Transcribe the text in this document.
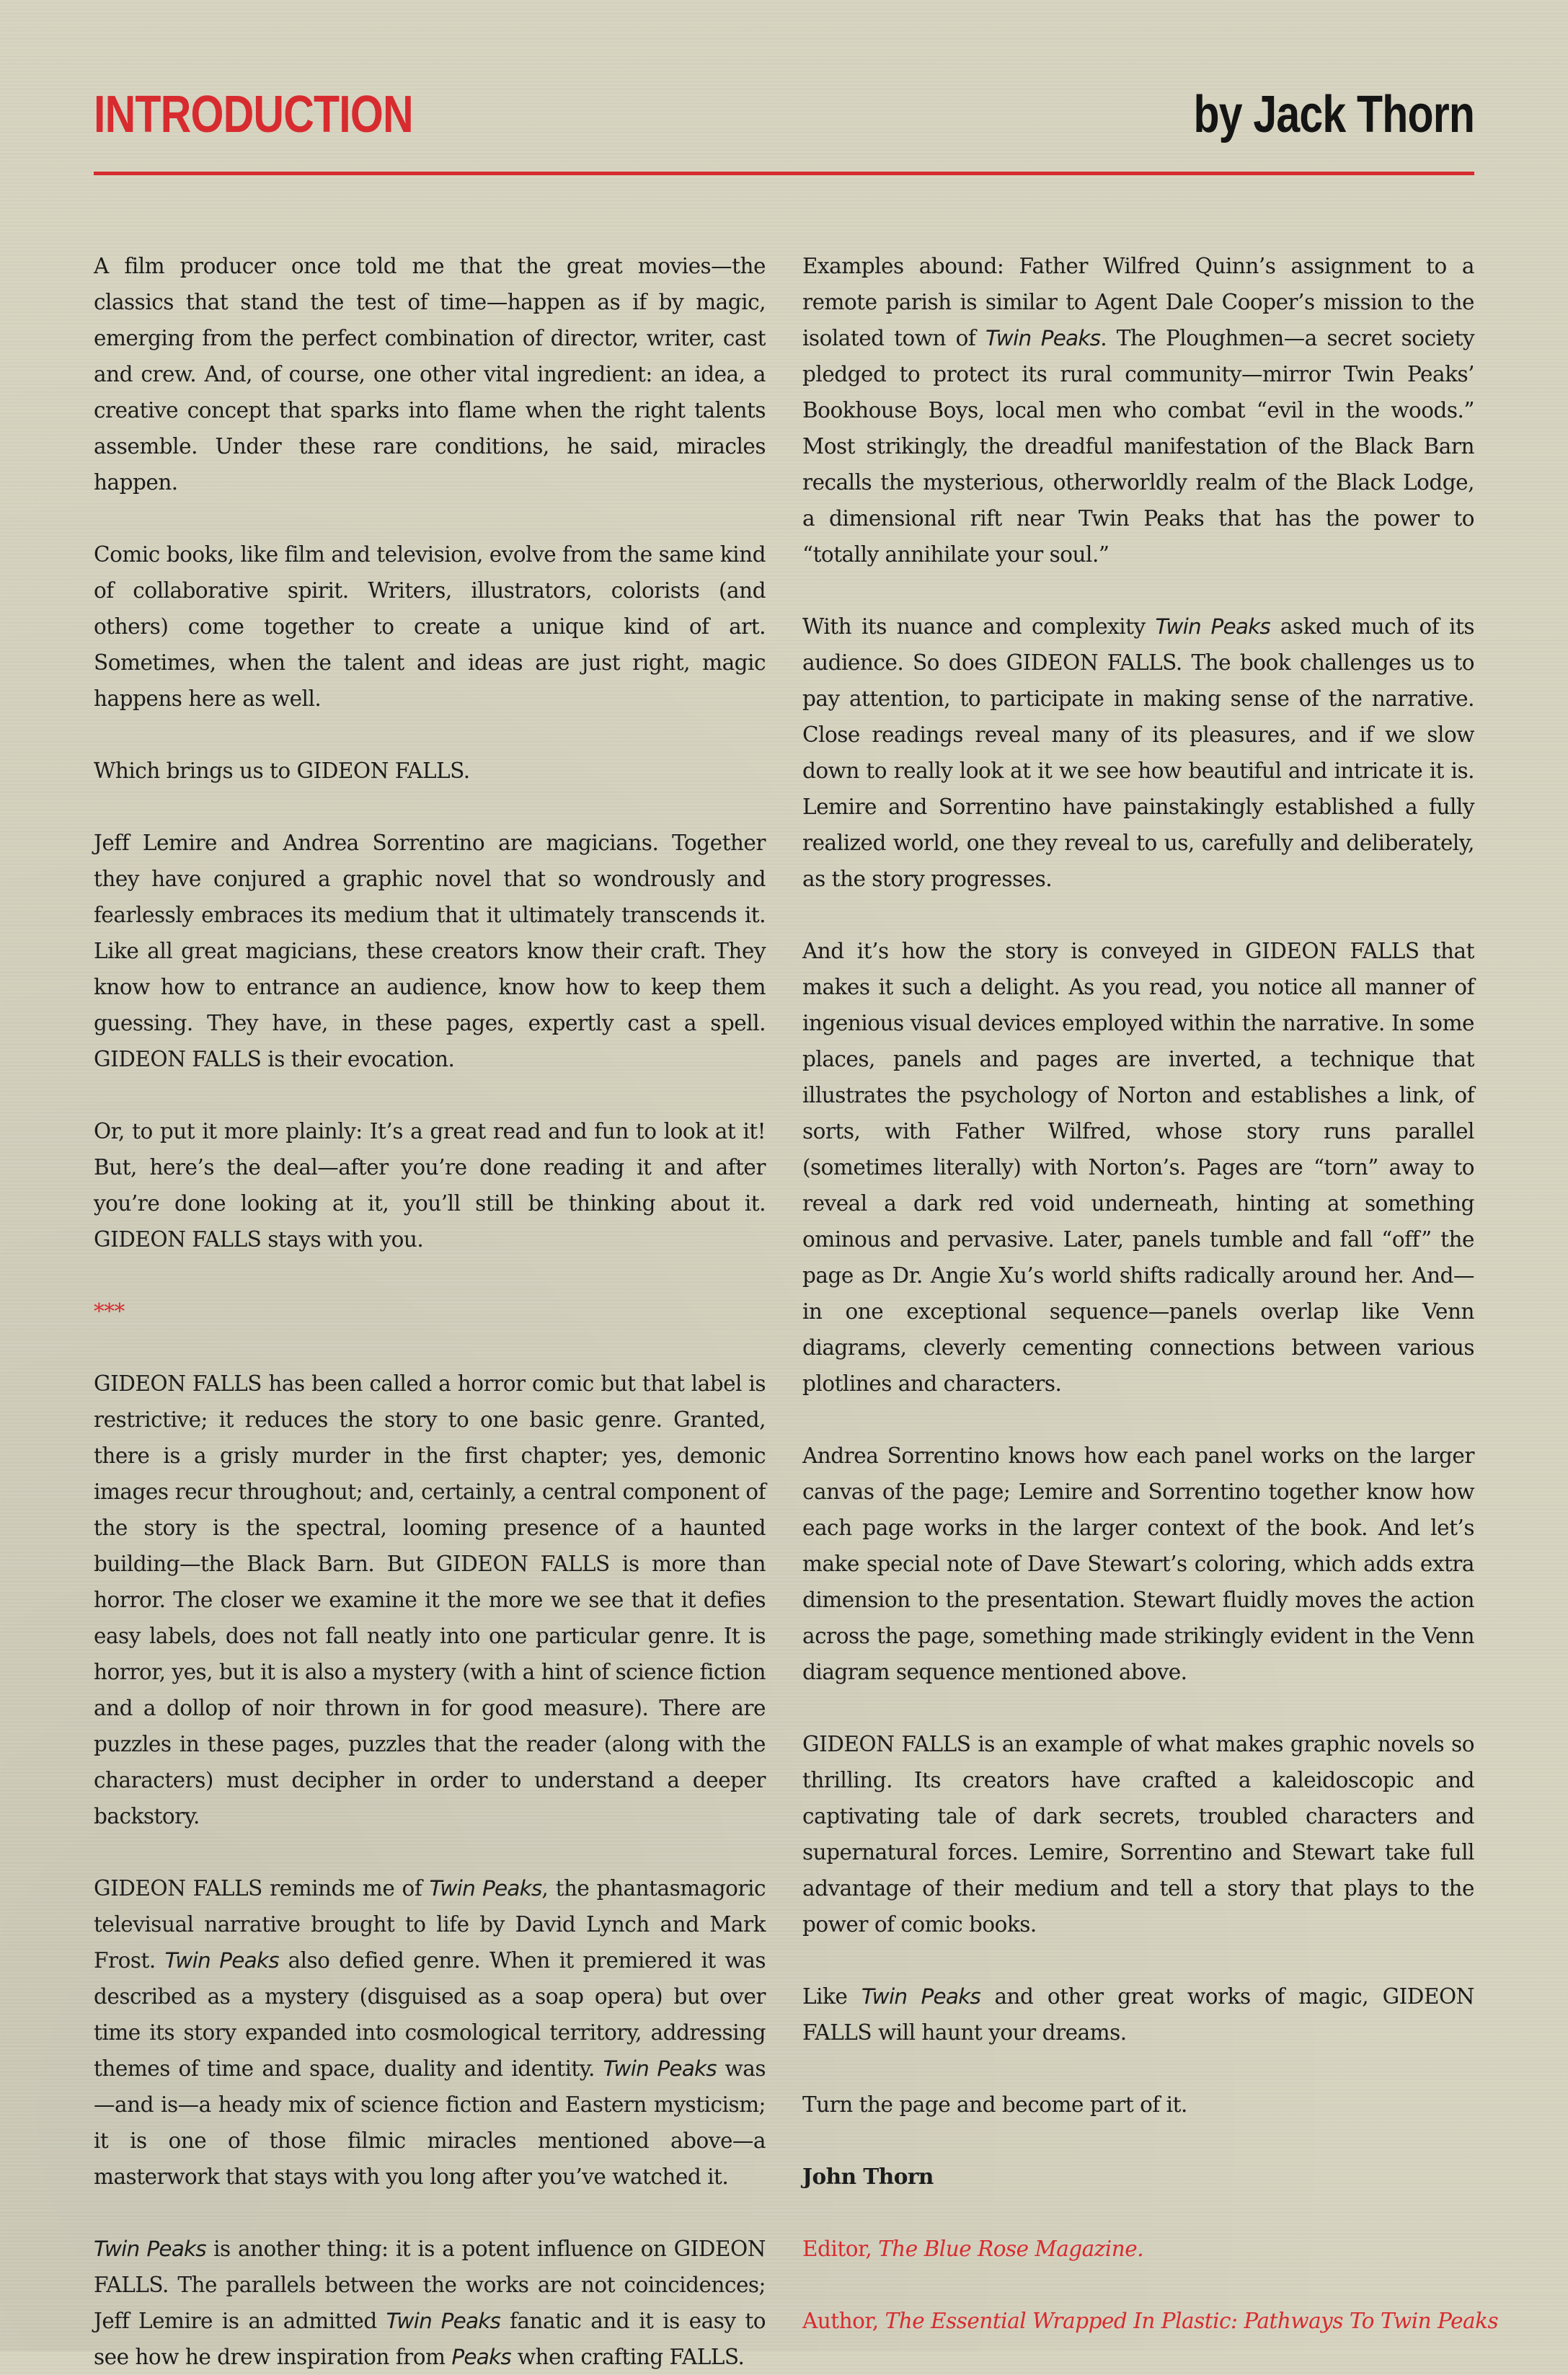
INTRODUCTION	by Jack Thorn

A film producer once told me that the great movies—the classics that stand the test of time—happen as if by magic, emerging from the perfect combination of director, writer, cast and crew. And, of course, one other vital ingredient: an idea, a creative concept that sparks into flame when the right talents assemble. Under these rare conditions, he said, miracles happen.

Comic books, like film and television, evolve from the same kind of collaborative spirit. Writers, illustrators, colorists (and others) come together to create a unique kind of art. Sometimes, when the talent and ideas are just right, magic happens here as well.

Which brings us to GIDEON FALLS.

Jeff Lemire and Andrea Sorrentino are magicians. Together they have conjured a graphic novel that so wondrously and fearlessly embraces its medium that it ultimately transcends it. Like all great magicians, these creators know their craft. They know how to entrance an audience, know how to keep them guessing. They have, in these pages, expertly cast a spell. GIDEON FALLS is their evocation.

Or, to put it more plainly: It’s a great read and fun to look at it! But, here’s the deal—after you’re done reading it and after you’re done looking at it, you’ll still be thinking about it. GIDEON FALLS stays with you.

***

GIDEON FALLS has been called a horror comic but that label is restrictive; it reduces the story to one basic genre. Granted, there is a grisly murder in the first chapter; yes, demonic images recur throughout; and, certainly, a central component of the story is the spectral, looming presence of a haunted building—the Black Barn. But GIDEON FALLS is more than horror. The closer we examine it the more we see that it defies easy labels, does not fall neatly into one particular genre. It is horror, yes, but it is also a mystery (with a hint of science fiction and a dollop of noir thrown in for good measure). There are puzzles in these pages, puzzles that the reader (along with the characters) must decipher in order to understand a deeper backstory.

GIDEON FALLS reminds me of Twin Peaks, the phantasmagoric televisual narrative brought to life by David Lynch and Mark Frost. Twin Peaks also defied genre. When it premiered it was described as a mystery (disguised as a soap opera) but over time its story expanded into cosmological territory, addressing themes of time and space, duality and identity. Twin Peaks was—and is—a heady mix of science fiction and Eastern mysticism; it is one of those filmic miracles mentioned above—a masterwork that stays with you long after you’ve watched it.

Twin Peaks is another thing: it is a potent influence on GIDEON FALLS. The parallels between the works are not coincidences; Jeff Lemire is an admitted Twin Peaks fanatic and it is easy to see how he drew inspiration from Peaks when crafting FALLS.

Examples abound: Father Wilfred Quinn’s assignment to a remote parish is similar to Agent Dale Cooper’s mission to the isolated town of Twin Peaks. The Ploughmen—a secret society pledged to protect its rural community—mirror Twin Peaks’ Bookhouse Boys, local men who combat “evil in the woods.” Most strikingly, the dreadful manifestation of the Black Barn recalls the mysterious, otherworldly realm of the Black Lodge, a dimensional rift near Twin Peaks that has the power to “totally annihilate your soul.”

With its nuance and complexity Twin Peaks asked much of its audience. So does GIDEON FALLS. The book challenges us to pay attention, to participate in making sense of the narrative. Close readings reveal many of its pleasures, and if we slow down to really look at it we see how beautiful and intricate it is. Lemire and Sorrentino have painstakingly established a fully realized world, one they reveal to us, carefully and deliberately, as the story progresses.

And it’s how the story is conveyed in GIDEON FALLS that makes it such a delight. As you read, you notice all manner of ingenious visual devices employed within the narrative. In some places, panels and pages are inverted, a technique that illustrates the psychology of Norton and establishes a link, of sorts, with Father Wilfred, whose story runs parallel (sometimes literally) with Norton’s. Pages are “torn” away to reveal a dark red void underneath, hinting at something ominous and pervasive. Later, panels tumble and fall “off” the page as Dr. Angie Xu’s world shifts radically around her. And—in one exceptional sequence—panels overlap like Venn diagrams, cleverly cementing connections between various plotlines and characters.

Andrea Sorrentino knows how each panel works on the larger canvas of the page; Lemire and Sorrentino together know how each page works in the larger context of the book. And let’s make special note of Dave Stewart’s coloring, which adds extra dimension to the presentation. Stewart fluidly moves the action across the page, something made strikingly evident in the Venn diagram sequence mentioned above.

GIDEON FALLS is an example of what makes graphic novels so thrilling. Its creators have crafted a kaleidoscopic and captivating tale of dark secrets, troubled characters and supernatural forces. Lemire, Sorrentino and Stewart take full advantage of their medium and tell a story that plays to the power of comic books.

Like Twin Peaks and other great works of magic, GIDEON FALLS will haunt your dreams.

Turn the page and become part of it.

John Thorn

Editor, The Blue Rose Magazine.

Author, The Essential Wrapped In Plastic: Pathways To Twin Peaks
